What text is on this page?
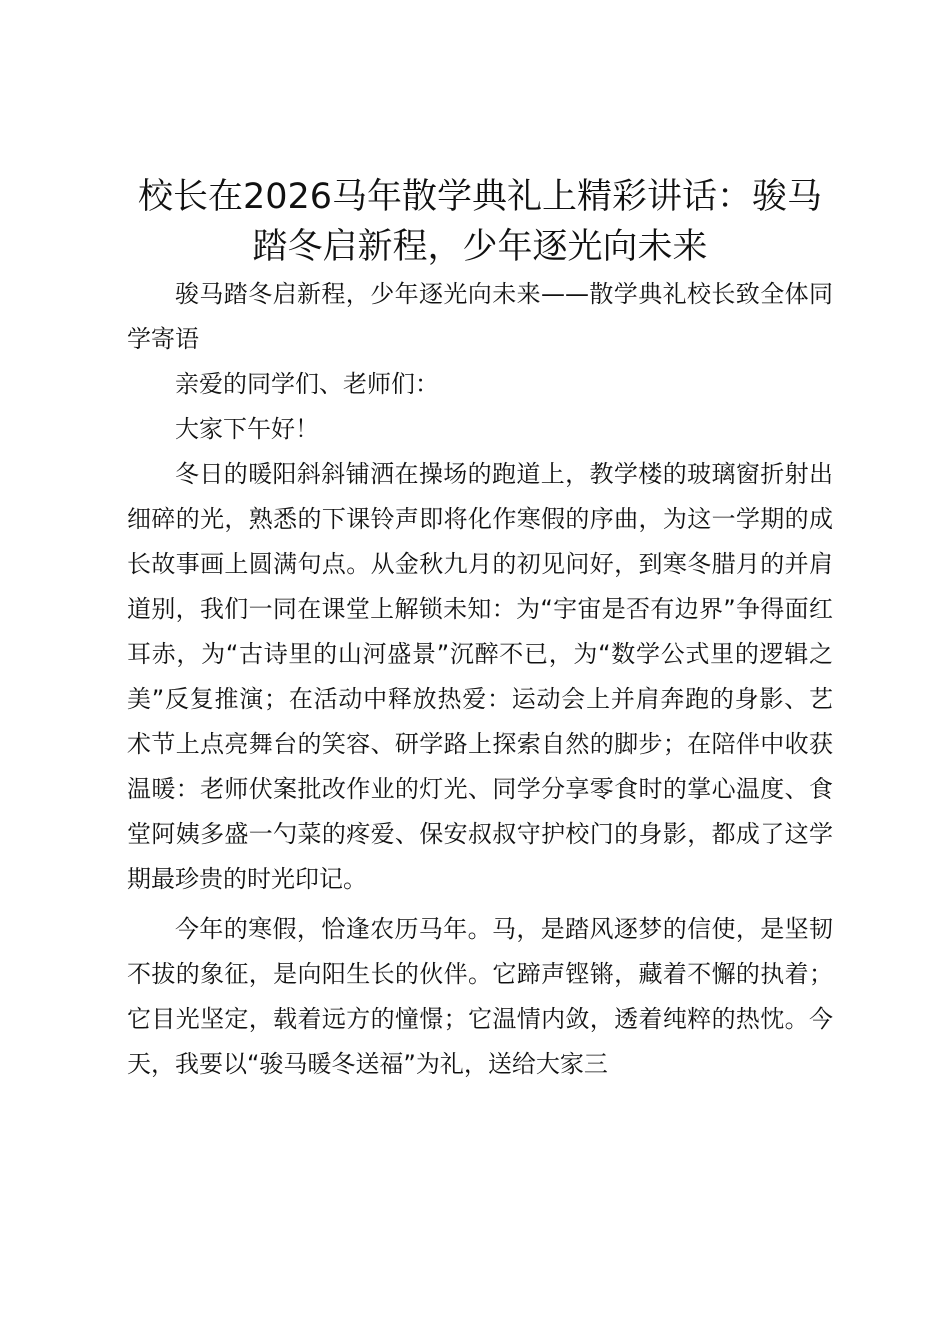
校长在2026马年散学典礼上精彩讲话：骏马
踏冬启新程，少年逐光向未来

骏马踏冬启新程，少年逐光向未来——散学典礼校长致全体同学寄语

亲爱的同学们、老师们：

大家下午好！

冬日的暖阳斜斜铺洒在操场的跑道上，教学楼的玻璃窗折射出细碎的光，熟悉的下课铃声即将化作寒假的序曲，为这一学期的成长故事画上圆满句点。从金秋九月的初见问好，到寒冬腊月的并肩道别，我们一同在课堂上解锁未知：为“宇宙是否有边界”争得面红耳赤，为“古诗里的山河盛景”沉醉不已，为“数学公式里的逻辑之美”反复推演；在活动中释放热爱：运动会上并肩奔跑的身影、艺术节上点亮舞台的笑容、研学路上探索自然的脚步；在陪伴中收获温暖：老师伏案批改作业的灯光、同学分享零食时的掌心温度、食堂阿姨多盛一勺菜的疼爱、保安叔叔守护校门的身影，都成了这学期最珍贵的时光印记。

今年的寒假，恰逢农历马年。马，是踏风逐梦的信使，是坚韧不拔的象征，是向阳生长的伙伴。它蹄声铿锵，藏着不懈的执着；它目光坚定，载着远方的憧憬；它温情内敛，透着纯粹的热忱。今天，我要以“骏马暖冬送福”为礼，送给大家三
